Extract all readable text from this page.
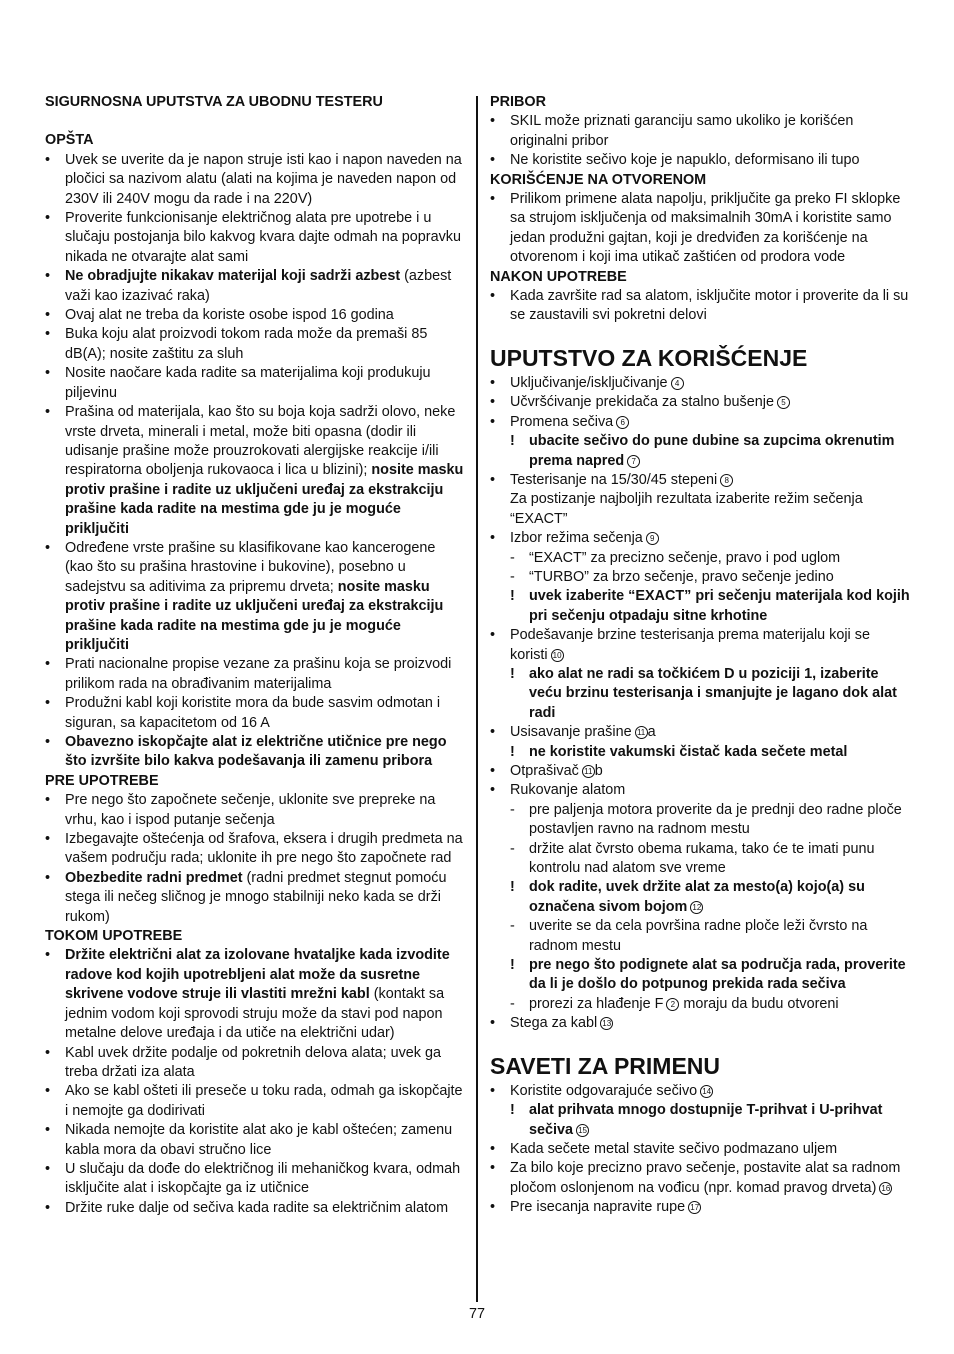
SIGURNOSNA UPUTSTVA ZA UBODNU TESTERU
OPŠTA
• Uvek se uverite da je napon struje isti kao i napon naveden na pločici sa nazivom alatu (alati na kojima je naveden napon od 230V ili 240V mogu da rade i na 220V)
• Proverite funkcionisanje električnog alata pre upotrebe i u slučaju postojanja bilo kakvog kvara dajte odmah na popravku nikada ne otvarajte alat sami
• Ne obradjujte nikakav materijal koji sadrži azbest (azbest važi kao izazivać raka)
• Ovaj alat ne treba da koriste osobe ispod 16 godina
• Buka koju alat proizvodi tokom rada može da premaši 85 dB(A); nosite zaštitu za sluh
• Nosite naočare kada radite sa materijalima koji produkuju piljevinu
• Prašina od materijala, kao što su boja koja sadrži olovo, neke vrste drveta, minerali i metal, može biti opasna (dodir ili udisanje prašine može prouzrokovati alergijske reakcije i/ili respiratorna oboljenja rukovaoca i lica u blizini); nosite masku protiv prašine i radite uz uključeni uređaj za ekstrakciju prašine kada radite na mestima gde ju je moguće priključiti
• Određene vrste prašine su klasifikovane kao kancerogene (kao što su prašina hrastovine i bukovine), posebno u sadejstvu sa aditivima za pripremu drveta; nosite masku protiv prašine i radite uz uključeni uređaj za ekstrakciju prašine kada radite na mestima gde ju je moguće priključiti
• Prati nacionalne propise vezane za prašinu koja se proizvodi prilikom rada na obrađivanim materijalima
• Produžni kabl koji koristite mora da bude sasvim odmotan i siguran, sa kapacitetom od 16 A
• Obavezno iskopčajte alat iz električne utičnice pre nego što izvršite bilo kakva podešavanja ili zamenu pribora
PRE UPOTREBE
• Pre nego što započnete sečenje, uklonite sve prepreke na vrhu, kao i ispod putanje sečenja
• Izbegavajte oštećenja od šrafova, eksera i drugih predmeta na vašem području rada; uklonite ih pre nego što započnete rad
• Obezbedite radni predmet (radni predmet stegnut pomoću stega ili nečeg sličnog je mnogo stabilniji neko kada se drži rukom)
TOKOM UPOTREBE
• Držite električni alat za izolovane hvataljke kada izvodite radove kod kojih upotrebljeni alat može da susretne skrivene vodove struje ili vlastiti mrežni kabl (kontakt sa jednim vodom koji sprovodi struju može da stavi pod napon metalne delove uređaja i da utiče na električni udar)
• Kabl uvek držite podalje od pokretnih delova alata; uvek ga treba držati iza alata
• Ako se kabl ošteti ili preseče u toku rada, odmah ga iskopčajte i nemojte ga dodirivati
• Nikada nemojte da koristite alat ako je kabl oštećen; zamenu kabla mora da obavi stručno lice
• U slučaju da dođe do električnog ili mehaničkog kvara, odmah isključite alat i iskopčajte ga iz utičnice
• Držite ruke dalje od sečiva kada radite sa električnim alatom
PRIBOR
• SKIL može priznati garanciju samo ukoliko je korišćen originalni pribor
• Ne koristite sečivo koje je napuklo, deformisano ili tupo
KORIŠĆENJE NA OTVORENOM
• Prilikom primene alata napolju, priključite ga preko FI sklopke sa strujom isključenja od maksimalnih 30mA i koristite samo jedan produžni gajtan, koji je dredviđen za korišćenje na otvorenom i koji ima utikač zaštićen od prodora vode
NAKON UPOTREBE
• Kada završite rad sa alatom, isključite motor i proverite da li su se zaustavili svi pokretni delovi
UPUTSTVO ZA KORIŠĆENJE
• Uključivanje/isključivanje 4
• Učvršćivanje prekidača za stalno bušenje 5
• Promena sečiva 6
! ubacite sečivo do pune dubine sa zupcima okrenutim prema napred 7
• Testerisanje na 15/30/45 stepeni 8
Za postizanje najboljih rezultata izaberite režim sečenja “EXACT”
• Izbor režima sečenja 9
- “EXACT” za precizno sečenje, pravo i pod uglom
- “TURBO” za brzo sečenje, pravo sečenje jedino
! uvek izaberite “EXACT” pri sečenju materijala kod kojih pri sečenju otpadaju sitne krhotine
• Podešavanje brzine testerisanja prema materijalu koji se koristi 10
! ako alat ne radi sa točkićem D u poziciji 1, izaberite veću brzinu testerisanja i smanjujte je lagano dok alat radi
• Usisavanje prašine 11 a
! ne koristite vakumski čistač kada sečete metal
• Otprašivač 11 b
• Rukovanje alatom
- pre paljenja motora proverite da je prednji deo radne ploče postavljen ravno na radnom mestu
- držite alat čvrsto obema rukama, tako će te imati punu kontrolu nad alatom sve vreme
! dok radite, uvek držite alat za mesto(a) kojo(a) su označena sivom bojom 12
- uverite se da cela površina radne ploče leži čvrsto na radnom mestu
! pre nego što podignete alat sa područja rada, proverite da li je došlo do potpunog prekida rada sečiva
- prorezi za hlađenje F 2 moraju da budu otvoreni
• Stega za kabl 13
SAVETI ZA PRIMENU
• Koristite odgovarajuće sečivo 14
! alat prihvata mnogo dostupnije T-prihvat i U-prihvat sečiva 15
• Kada sečete metal stavite sečivo podmazano uljem
• Za bilo koje precizno pravo sečenje, postavite alat sa radnom pločom oslonjenom na vođicu (npr. komad pravog drveta) 16
• Pre isecanja napravite rupe 17
77
